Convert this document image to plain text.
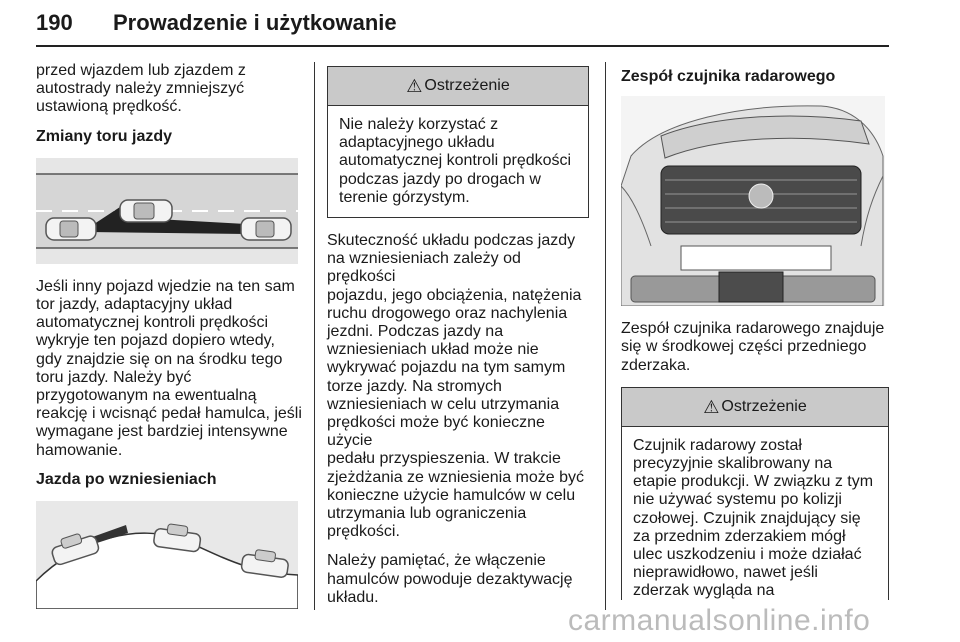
190 Prowadzenie i użytkowanie

przed wjazdem lub zjazdem z
autostrady należy zmniejszyć
ustawioną prędkość.

Zmiany toru jazdy

Jeśli inny pojazd wjedzie na ten sam
tor jazdy, adaptacyjny układ
automatycznej kontroli prędkości
wykryje ten pojazd dopiero wtedy,
gdy znajdzie się on na środku tego
toru jazdy. Należy być
przygotowanym na ewentualną
reakcję i wcisnąć pedał hamulca, jeśli
wymagane jest bardziej intensywne
hamowanie.

Jazda po wzniesieniach
⚠ Ostrzeżenie
Nie należy korzystać z
adaptacyjnego układu
automatycznej kontroli prędkości
podczas jazdy po drogach w
terenie górzystym.

Skuteczność układu podczas jazdy
na wzniesieniach zależy od prędkości
pojazdu, jego obciążenia, natężenia
ruchu drogowego oraz nachylenia
jezdni. Podczas jazdy na
wzniesieniach układ może nie
wykrywać pojazdu na tym samym
torze jazdy. Na stromych
wzniesieniach w celu utrzymania
prędkości może być konieczne użycie
pedału przyspieszenia. W trakcie
zjeżdżania ze wzniesienia może być
konieczne użycie hamulców w celu
utrzymania lub ograniczenia
prędkości.

Należy pamiętać, że włączenie
hamulców powoduje dezaktywację
układu.

Zespół czujnika radarowego

Zespół czujnika radarowego znajduje
się w środkowej części przedniego
zderzaka.

⚠ Ostrzeżenie
Czujnik radarowy został
precyzyjnie skalibrowany na
etapie produkcji. W związku z tym
nie używać systemu po kolizji
czołowej. Czujnik znajdujący się
za przednim zderzakiem mógł
ulec uszkodzeniu i może działać
nieprawidłowo, nawet jeśli
zderzak wygląda na
carmanualsonline.info
